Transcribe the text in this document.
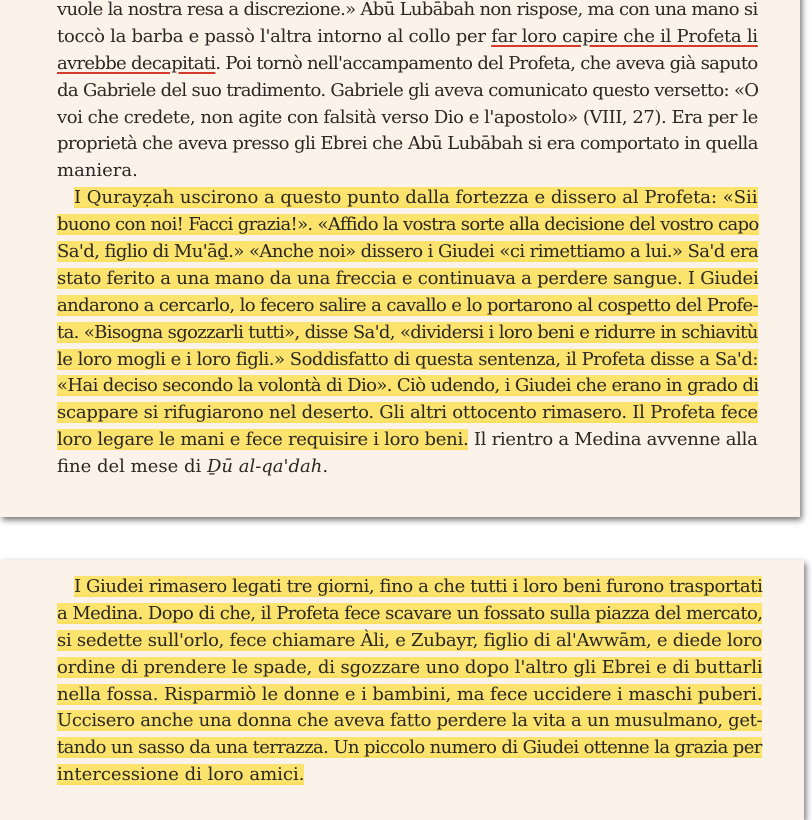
vuole la nostra resa a discrezione.» Abū Lubābah non rispose, ma con una mano si
toccò la barba e passò l'altra intorno al collo per far loro capire che il Profeta li
avrebbe decapitati. Poi tornò nell'accampamento del Profeta, che aveva già saputo
da Gabriele del suo tradimento. Gabriele gli aveva comunicato questo versetto: «O
voi che credete, non agite con falsità verso Dio e l'apostolo» (VIII, 27). Era per le
proprietà che aveva presso gli Ebrei che Abū Lubābah si era comportato in quella
maniera.
I Qurayẓah uscirono a questo punto dalla fortezza e dissero al Profeta: «Sii
buono con noi! Facci grazia!». «Affido la vostra sorte alla decisione del vostro capo
Sa'd, figlio di Mu'āḏ.» «Anche noi» dissero i Giudei «ci rimettiamo a lui.» Sa'd era
stato ferito a una mano da una freccia e continuava a perdere sangue. I Giudei
andarono a cercarlo, lo fecero salire a cavallo e lo portarono al cospetto del Profe-
ta. «Bisogna sgozzarli tutti», disse Sa'd, «dividersi i loro beni e ridurre in schiavitù
le loro mogli e i loro figli.» Soddisfatto di questa sentenza, il Profeta disse a Sa'd:
«Hai deciso secondo la volontà di Dio». Ciò udendo, i Giudei che erano in grado di
scappare si rifugiarono nel deserto. Gli altri ottocento rimasero. Il Profeta fece
loro legare le mani e fece requisire i loro beni. Il rientro a Medina avvenne alla
fine del mese di Ḏū al-qa'dah.
I Giudei rimasero legati tre giorni, fino a che tutti i loro beni furono trasportati
a Medina. Dopo di che, il Profeta fece scavare un fossato sulla piazza del mercato,
si sedette sull'orlo, fece chiamare Àli, e Zubayr, figlio di al'Awwām, e diede loro
ordine di prendere le spade, di sgozzare uno dopo l'altro gli Ebrei e di buttarli
nella fossa. Risparmiò le donne e i bambini, ma fece uccidere i maschi puberi.
Uccisero anche una donna che aveva fatto perdere la vita a un musulmano, get-
tando un sasso da una terrazza. Un piccolo numero di Giudei ottenne la grazia per
intercessione di loro amici.
